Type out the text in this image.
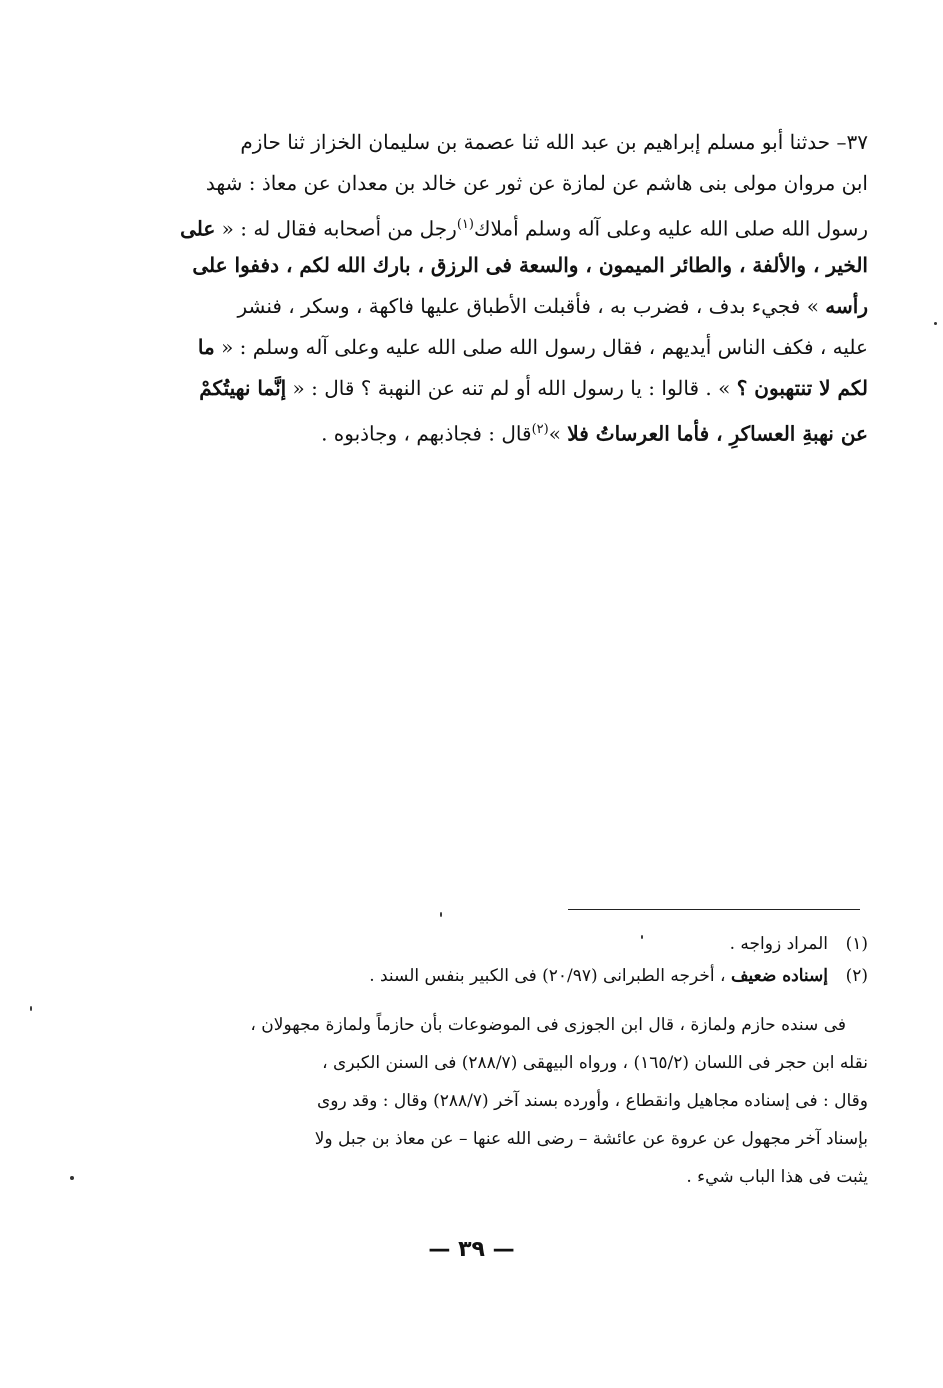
٣٧– حدثنا أبو مسلم إبراهيم بن عبد الله ثنا عصمة بن سليمان الخزاز ثنا حازم
ابن مروان مولى بنى هاشم عن لمازة عن ثور عن خالد بن معدان عن معاذ : شهد
رسول الله صلى الله عليه وعلى آله وسلم أملاك$^{(١)}$رجل من أصحابه فقال له : « على
الخير ، والألفة ، والطائر الميمون ، والسعة فى الرزق ، بارك الله لكم ، دففوا على
رأسه » فجيء بدف ، فضرب به ، فأقبلت الأطباق عليها فاكهة ، وسكر ، فنشر
عليه ، فكف الناس أيديهم ، فقال رسول الله صلى الله عليه وعلى آله وسلم : « ما
لكم لا تنتهبون ؟ » . قالوا : يا رسول الله أو لم تنه عن النهبة ؟ قال : « إنَّما نهيتُكمْ
عن نهبةِ العساكرِ ، فأما العرساتُ فلا »$^{(٢)}$قال : فجاذبهم ، وجاذبوه .
(١)
المراد زواجه .
(٢)
إسناده ضعيف ، أخرجه الطبرانى (٢٠/٩٧) فى الكبير بنفس السند .
فى سنده حازم ولمازة ، قال ابن الجوزى فى الموضوعات بأن حازماً ولمازة مجهولان ،
نقله ابن حجر فى اللسان (١٦٥/٢) ، ورواه البيهقى (٢٨٨/٧) فى السنن الكبرى ،
وقال : فى إسناده مجاهيل وانقطاع ، وأورده بسند آخر (٢٨٨/٧) وقال : وقد روى
بإسناد آخر مجهول عن عروة عن عائشة – رضى الله عنها – عن معاذ بن جبل ولا
يثبت فى هذا الباب شيء .
— ٣٩ —
